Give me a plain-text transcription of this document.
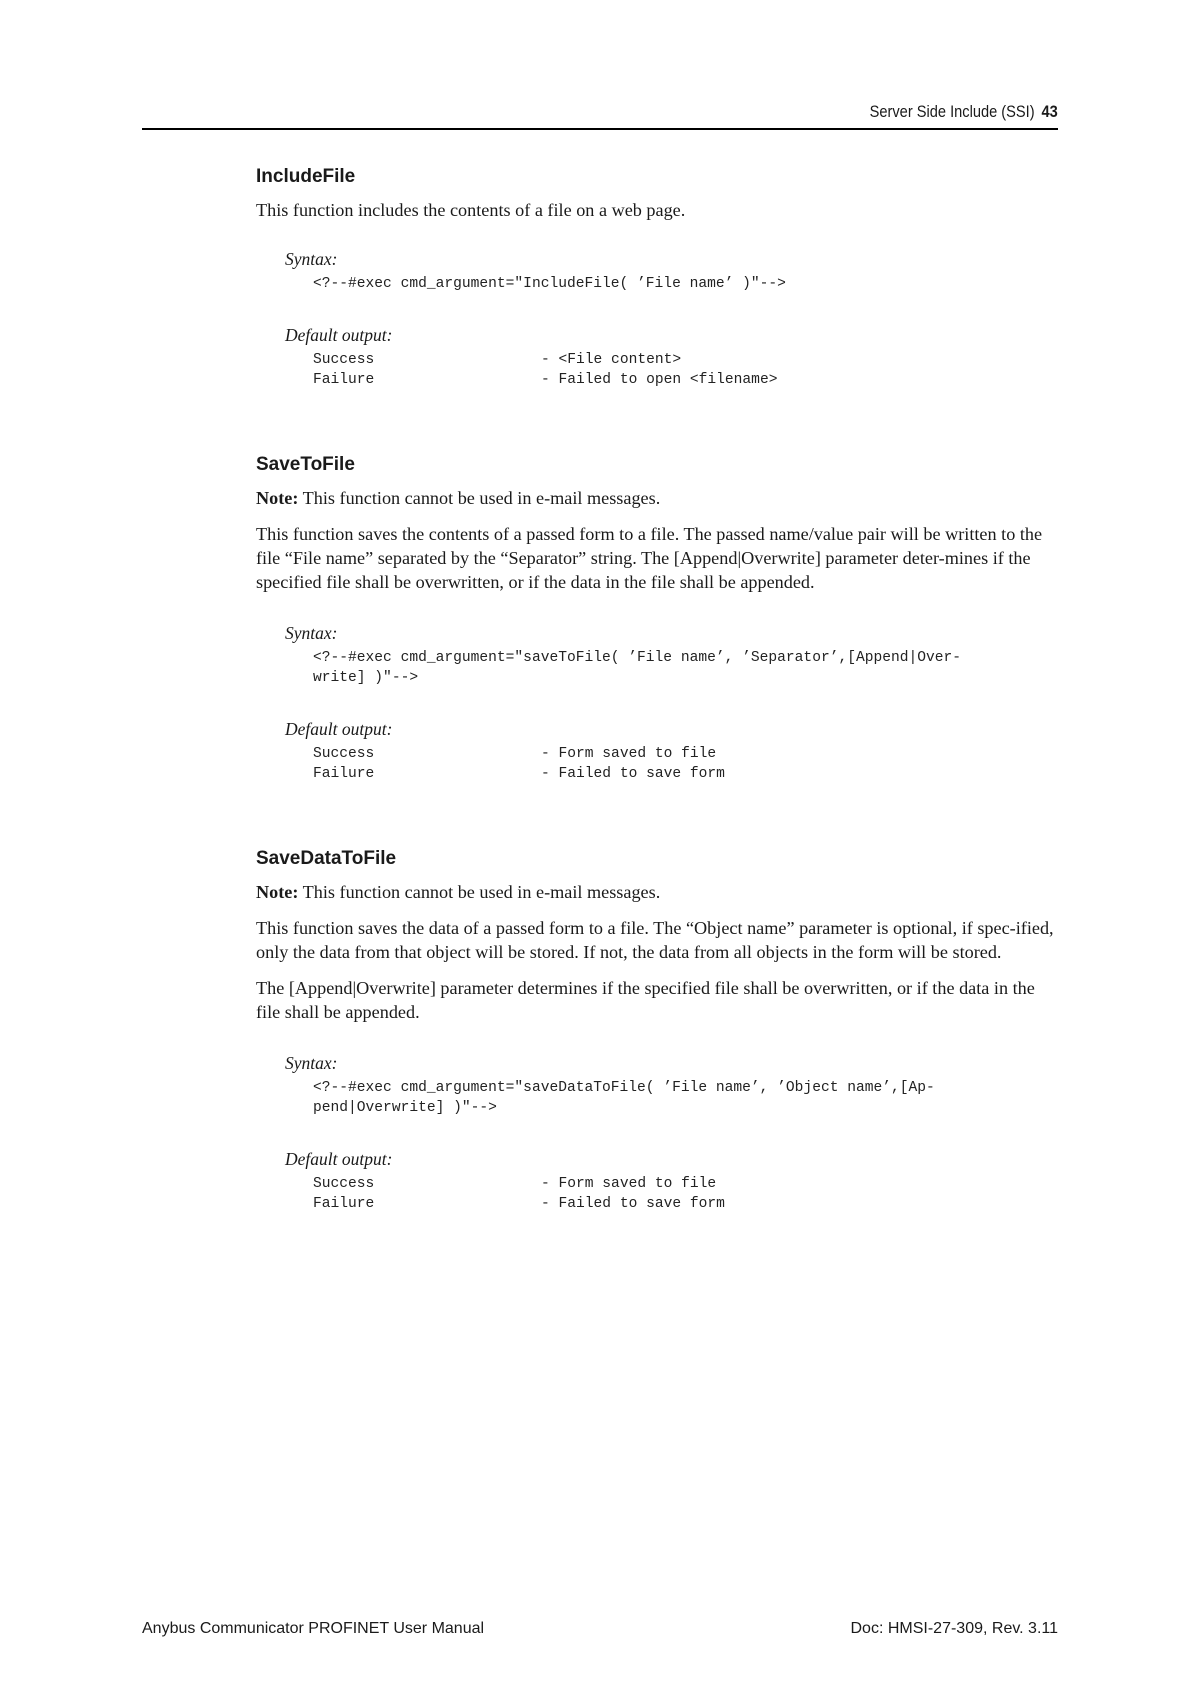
Server Side Include (SSI) 43
IncludeFile

This function includes the contents of a file on a web page.

Syntax:
<?--#exec cmd_argument="IncludeFile( ’File name’ )"-->
Default output:
Success	- <File content>
Failure	- Failed to open <filename>
SaveToFile

Note: This function cannot be used in e-mail messages.

This function saves the contents of a passed form to a file. The passed name/value pair will be written to the file “File name” separated by the “Separator” string. The [Append|Overwrite] parameter deter-mines if the specified file shall be overwritten, or if the data in the file shall be appended.

Syntax:
<?--#exec cmd_argument="saveToFile( ’File name’, ’Separator’,[Append|Over-
write] )"-->
Default output:
Success	- Form saved to file
Failure	- Failed to save form
SaveDataToFile

Note: This function cannot be used in e-mail messages.

This function saves the data of a passed form to a file. The “Object name” parameter is optional, if spec-ified, only the data from that object will be stored. If not, the data from all objects in the form will be stored.

The [Append|Overwrite] parameter determines if the specified file shall be overwritten, or if the data in the file shall be appended.

Syntax:
<?--#exec cmd_argument="saveDataToFile( ’File name’, ’Object name’,[Ap-
pend|Overwrite] )"-->
Default output:
Success	- Form saved to file
Failure	- Failed to save form
Anybus Communicator PROFINET User Manual	Doc: HMSI-27-309, Rev. 3.11
